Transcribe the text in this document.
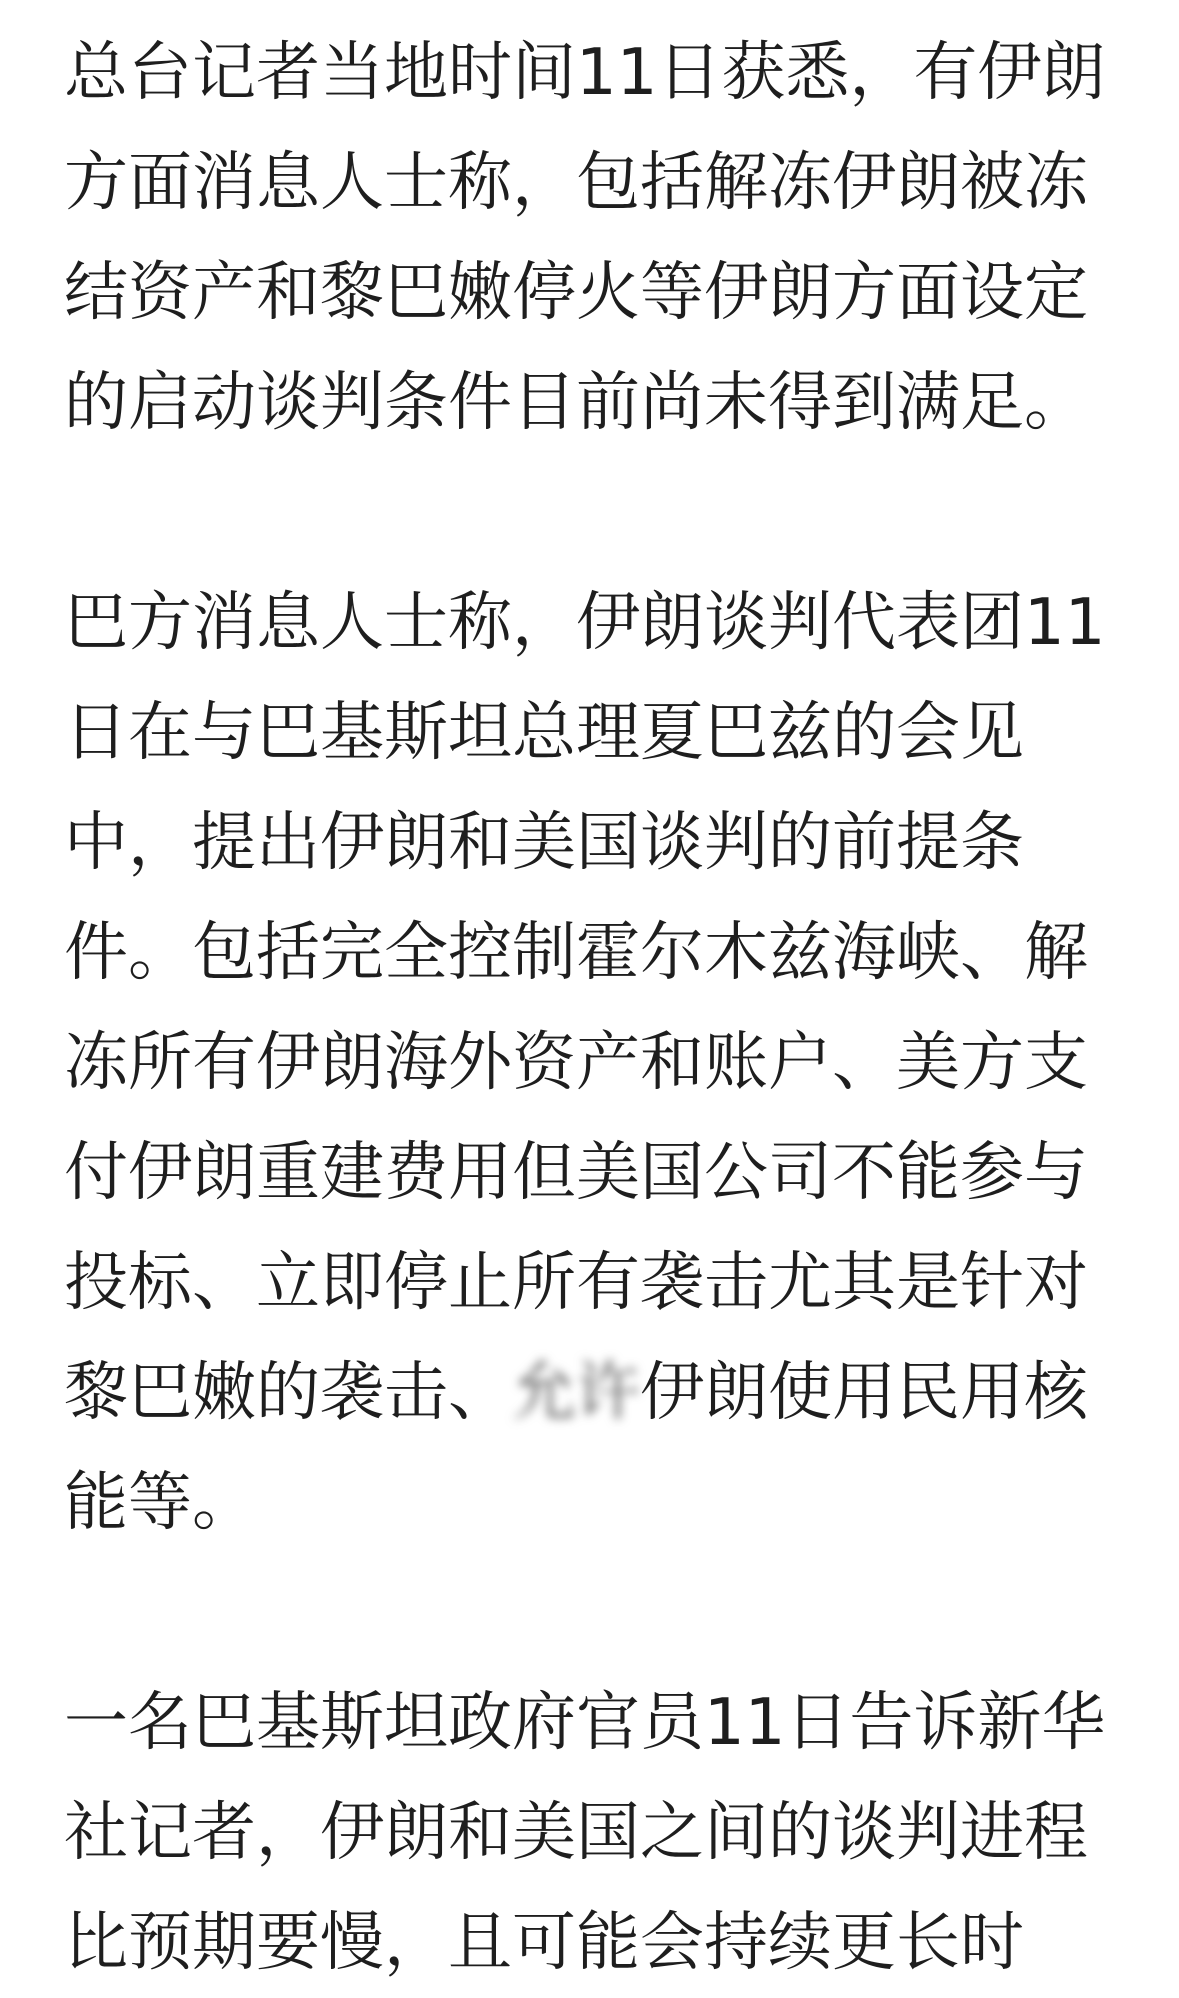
总台记者当地时间11日获悉，有伊朗
方面消息人士称，包括解冻伊朗被冻
结资产和黎巴嫩停火等伊朗方面设定
的启动谈判条件目前尚未得到满足。

巴方消息人士称，伊朗谈判代表团11
日在与巴基斯坦总理夏巴兹的会见
中，提出伊朗和美国谈判的前提条
件。包括完全控制霍尔木兹海峡、解
冻所有伊朗海外资产和账户、美方支
付伊朗重建费用但美国公司不能参与
投标、立即停止所有袭击尤其是针对
黎巴嫩的袭击、允许伊朗使用民用核
能等。

一名巴基斯坦政府官员11日告诉新华
社记者，伊朗和美国之间的谈判进程
比预期要慢，且可能会持续更长时
